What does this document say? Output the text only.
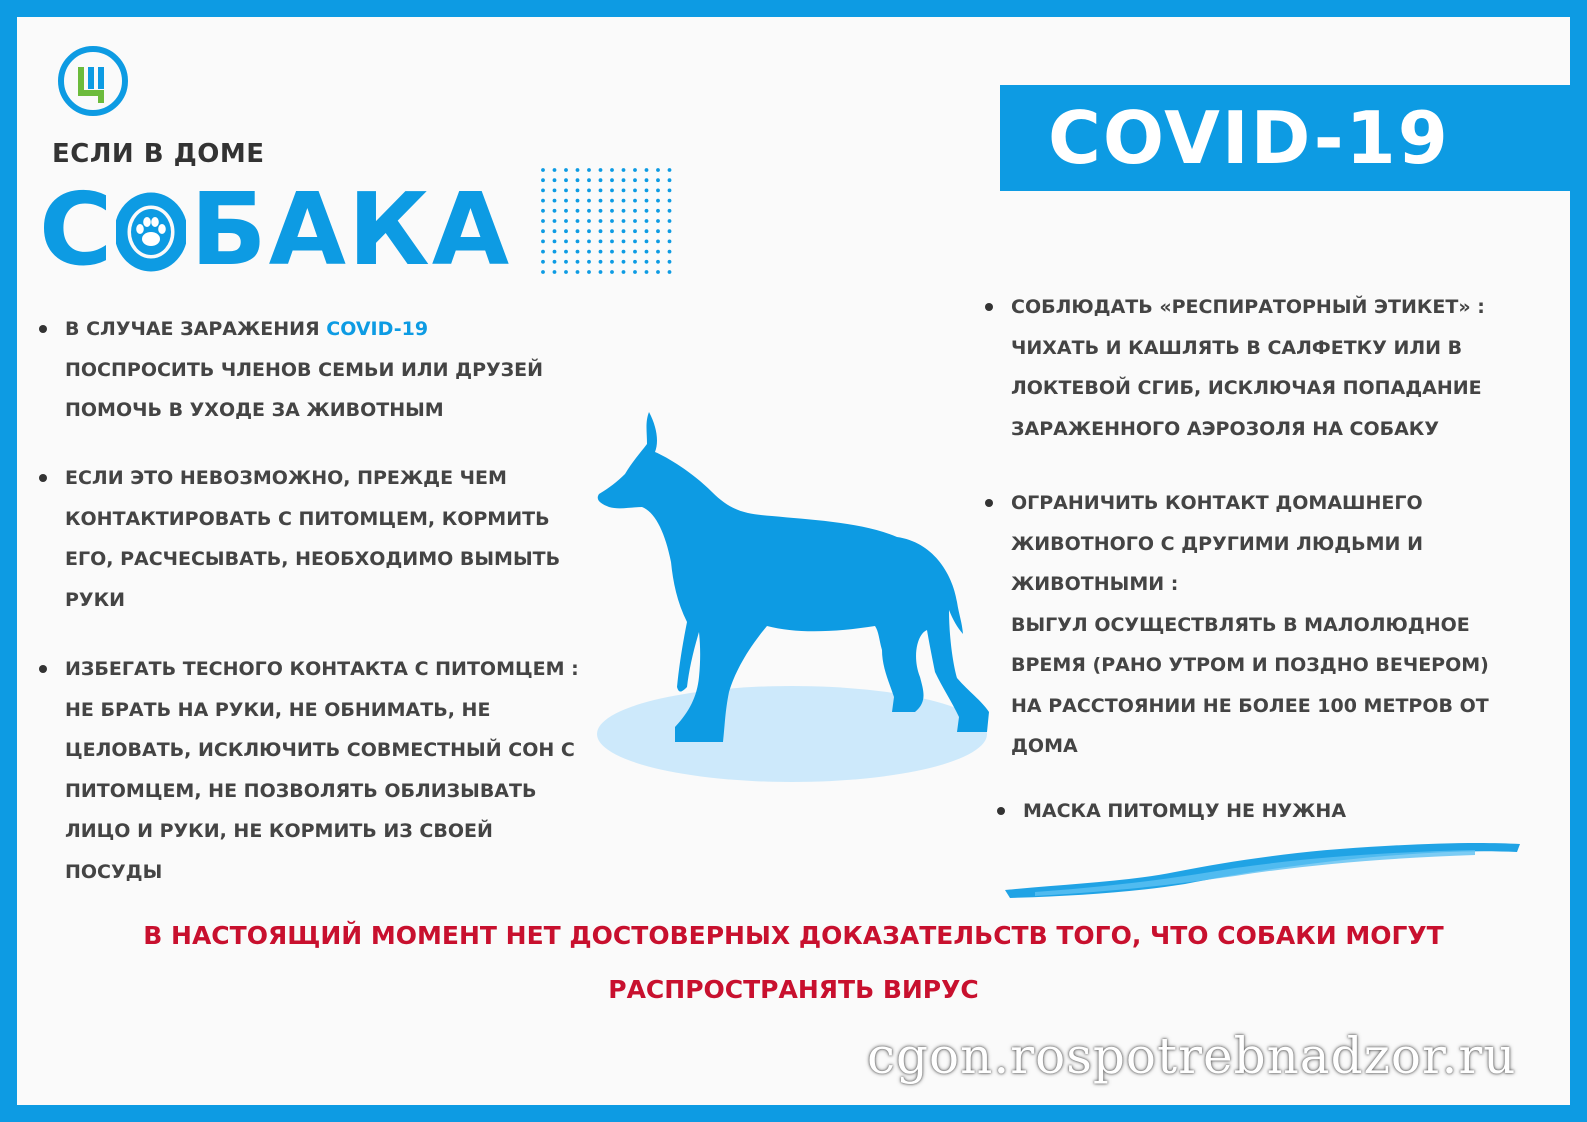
ЕСЛИ В ДОМЕ
С БАКА
COVID-19
В СЛУЧАЕ ЗАРАЖЕНИЯ COVID-19
ПОСПРОСИТЬ ЧЛЕНОВ СЕМЬИ ИЛИ ДРУЗЕЙ
ПОМОЧЬ В УХОДЕ ЗА ЖИВОТНЫМ
ЕСЛИ ЭТО НЕВОЗМОЖНО, ПРЕЖДЕ ЧЕМ
КОНТАКТИРОВАТЬ С ПИТОМЦЕМ, КОРМИТЬ
ЕГО, РАСЧЕСЫВАТЬ, НЕОБХОДИМО ВЫМЫТЬ
РУКИ
ИЗБЕГАТЬ ТЕСНОГО КОНТАКТА С ПИТОМЦЕМ :
НЕ БРАТЬ НА РУКИ, НЕ ОБНИМАТЬ, НЕ
ЦЕЛОВАТЬ, ИСКЛЮЧИТЬ СОВМЕСТНЫЙ СОН С
ПИТОМЦЕМ, НЕ ПОЗВОЛЯТЬ ОБЛИЗЫВАТЬ
ЛИЦО И РУКИ, НЕ КОРМИТЬ ИЗ СВОЕЙ
ПОСУДЫ
СОБЛЮДАТЬ «РЕСПИРАТОРНЫЙ ЭТИКЕТ» :
ЧИХАТЬ И КАШЛЯТЬ В САЛФЕТКУ ИЛИ В
ЛОКТЕВОЙ СГИБ, ИСКЛЮЧАЯ ПОПАДАНИЕ
ЗАРАЖЕННОГО АЭРОЗОЛЯ НА СОБАКУ
ОГРАНИЧИТЬ КОНТАКТ ДОМАШНЕГО
ЖИВОТНОГО С ДРУГИМИ ЛЮДЬМИ И
ЖИВОТНЫМИ :
ВЫГУЛ ОСУЩЕСТВЛЯТЬ В МАЛОЛЮДНОЕ
ВРЕМЯ (РАНО УТРОМ И ПОЗДНО ВЕЧЕРОМ)
НА РАССТОЯНИИ НЕ БОЛЕЕ 100 МЕТРОВ ОТ
ДОМА
МАСКА ПИТОМЦУ НЕ НУЖНА
В НАСТОЯЩИЙ МОМЕНТ НЕТ ДОСТОВЕРНЫХ ДОКАЗАТЕЛЬСТВ ТОГО, ЧТО СОБАКИ МОГУТ
РАСПРОСТРАНЯТЬ ВИРУС
cgon.rospotrebnadzor.ru
